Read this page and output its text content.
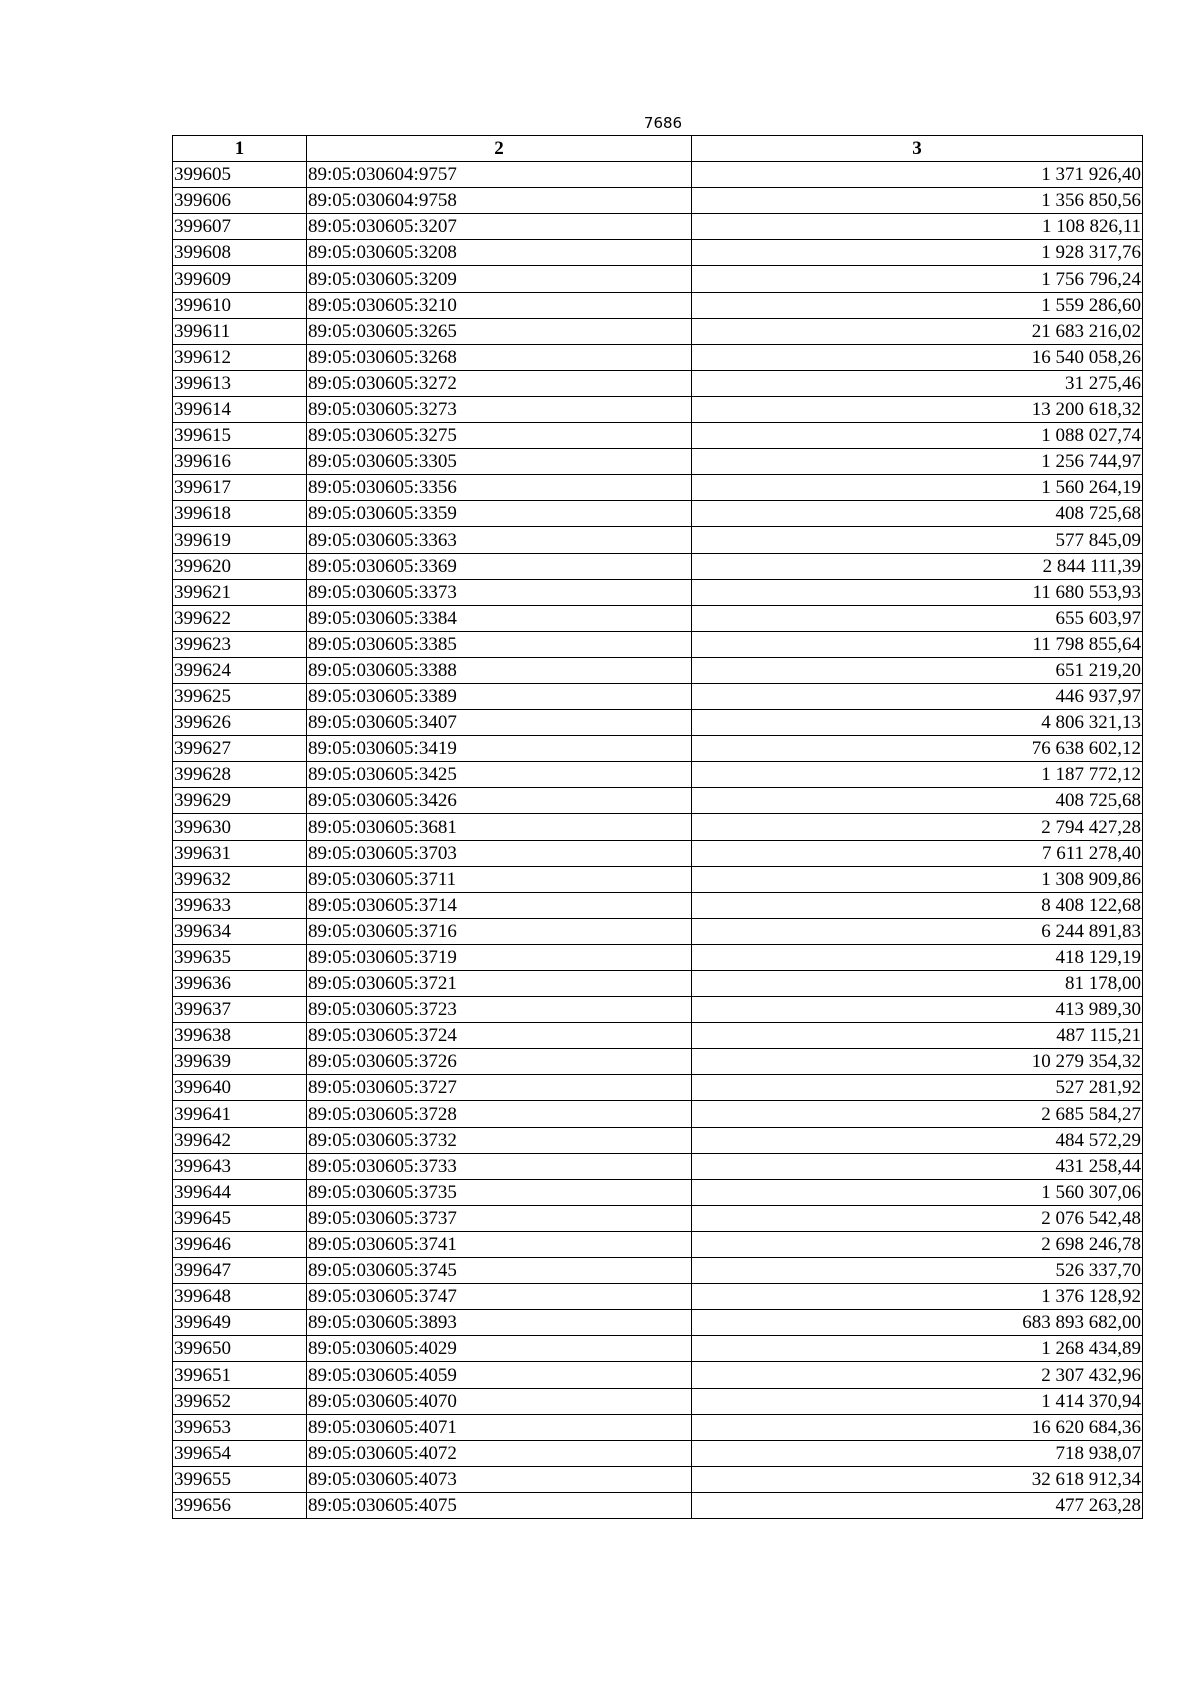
7686
1	2	3
399605	89:05:030604:9757	1 371 926,40
399606	89:05:030604:9758	1 356 850,56
399607	89:05:030605:3207	1 108 826,11
399608	89:05:030605:3208	1 928 317,76
399609	89:05:030605:3209	1 756 796,24
399610	89:05:030605:3210	1 559 286,60
399611	89:05:030605:3265	21 683 216,02
399612	89:05:030605:3268	16 540 058,26
399613	89:05:030605:3272	31 275,46
399614	89:05:030605:3273	13 200 618,32
399615	89:05:030605:3275	1 088 027,74
399616	89:05:030605:3305	1 256 744,97
399617	89:05:030605:3356	1 560 264,19
399618	89:05:030605:3359	408 725,68
399619	89:05:030605:3363	577 845,09
399620	89:05:030605:3369	2 844 111,39
399621	89:05:030605:3373	11 680 553,93
399622	89:05:030605:3384	655 603,97
399623	89:05:030605:3385	11 798 855,64
399624	89:05:030605:3388	651 219,20
399625	89:05:030605:3389	446 937,97
399626	89:05:030605:3407	4 806 321,13
399627	89:05:030605:3419	76 638 602,12
399628	89:05:030605:3425	1 187 772,12
399629	89:05:030605:3426	408 725,68
399630	89:05:030605:3681	2 794 427,28
399631	89:05:030605:3703	7 611 278,40
399632	89:05:030605:3711	1 308 909,86
399633	89:05:030605:3714	8 408 122,68
399634	89:05:030605:3716	6 244 891,83
399635	89:05:030605:3719	418 129,19
399636	89:05:030605:3721	81 178,00
399637	89:05:030605:3723	413 989,30
399638	89:05:030605:3724	487 115,21
399639	89:05:030605:3726	10 279 354,32
399640	89:05:030605:3727	527 281,92
399641	89:05:030605:3728	2 685 584,27
399642	89:05:030605:3732	484 572,29
399643	89:05:030605:3733	431 258,44
399644	89:05:030605:3735	1 560 307,06
399645	89:05:030605:3737	2 076 542,48
399646	89:05:030605:3741	2 698 246,78
399647	89:05:030605:3745	526 337,70
399648	89:05:030605:3747	1 376 128,92
399649	89:05:030605:3893	683 893 682,00
399650	89:05:030605:4029	1 268 434,89
399651	89:05:030605:4059	2 307 432,96
399652	89:05:030605:4070	1 414 370,94
399653	89:05:030605:4071	16 620 684,36
399654	89:05:030605:4072	718 938,07
399655	89:05:030605:4073	32 618 912,34
399656	89:05:030605:4075	477 263,28
